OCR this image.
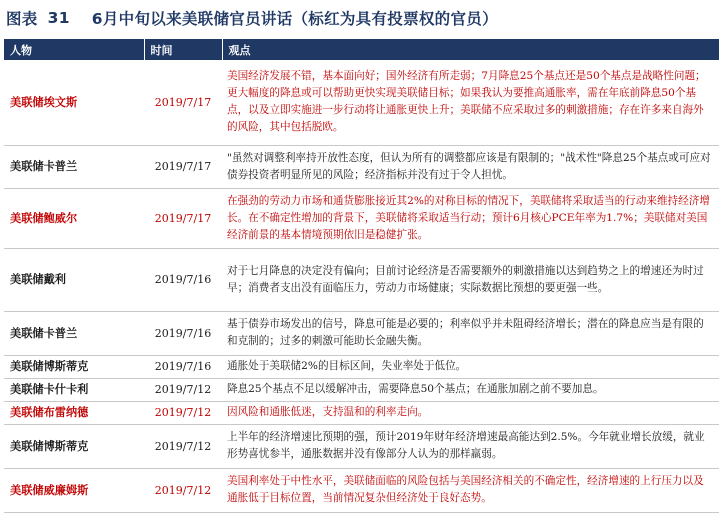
图表 31 6月中旬以来美联储官员讲话（标红为具有投票权的官员）
人物	时间	观点
美联储埃文斯	2019/7/17	美国经济发展不错，基本面向好；国外经济有所走弱；7月降息25个基点还是50个基点是战略性问题；更大幅度的降息或可以帮助更快实现美联储目标；如果我认为要推高通胀率，需在年底前降息50个基点，以及立即实施进一步行动将让通胀更快上升；美联储不应采取过多的刺激措施；存在许多来自海外的风险，其中包括脱欧。
美联储卡普兰	2019/7/17	"虽然对调整利率持开放性态度，但认为所有的调整都应该是有限制的；"战术性"降息25个基点或可应对债券投资者明显所见的风险；经济指标并没有过于令人担忧。
美联储鲍威尔	2019/7/17	在强劲的劳动力市场和通货膨胀接近其2%的对称目标的情况下，美联储将采取适当的行动来维持经济增长。在不确定性增加的背景下，美联储将采取适当行动；预计6月核心PCE年率为1.7%；美联储对美国经济前景的基本情境预期依旧是稳健扩张。
美联储戴利	2019/7/16	对于七月降息的决定没有偏向；目前讨论经济是否需要额外的刺激措施以达到趋势之上的增速还为时过早；消费者支出没有面临压力，劳动力市场健康；实际数据比预想的要更强一些。
美联储卡普兰	2019/7/16	基于债券市场发出的信号，降息可能是必要的；利率似乎并未阻碍经济增长；潜在的降息应当是有限的和克制的；过多的刺激可能助长金融失衡。
美联储博斯蒂克	2019/7/16	通胀处于美联储2%的目标区间，失业率处于低位。
美联储卡什卡利	2019/7/12	降息25个基点不足以缓解冲击，需要降息50个基点；在通胀加剧之前不要加息。
美联储布雷纳德	2019/7/12	因风险和通胀低迷，支持温和的利率走向。
美联储博斯蒂克	2019/7/12	上半年的经济增速比预期的强，预计2019年财年经济增速最高能达到2.5%。今年就业增长放缓，就业形势喜忧参半，通胀数据并没有像部分人认为的那样羸弱。
美联储威廉姆斯	2019/7/12	美国利率处于中性水平，美联储面临的风险包括与美国经济相关的不确定性，经济增速的上行压力以及通胀低于目标位置，当前情况复杂但经济处于良好态势。
